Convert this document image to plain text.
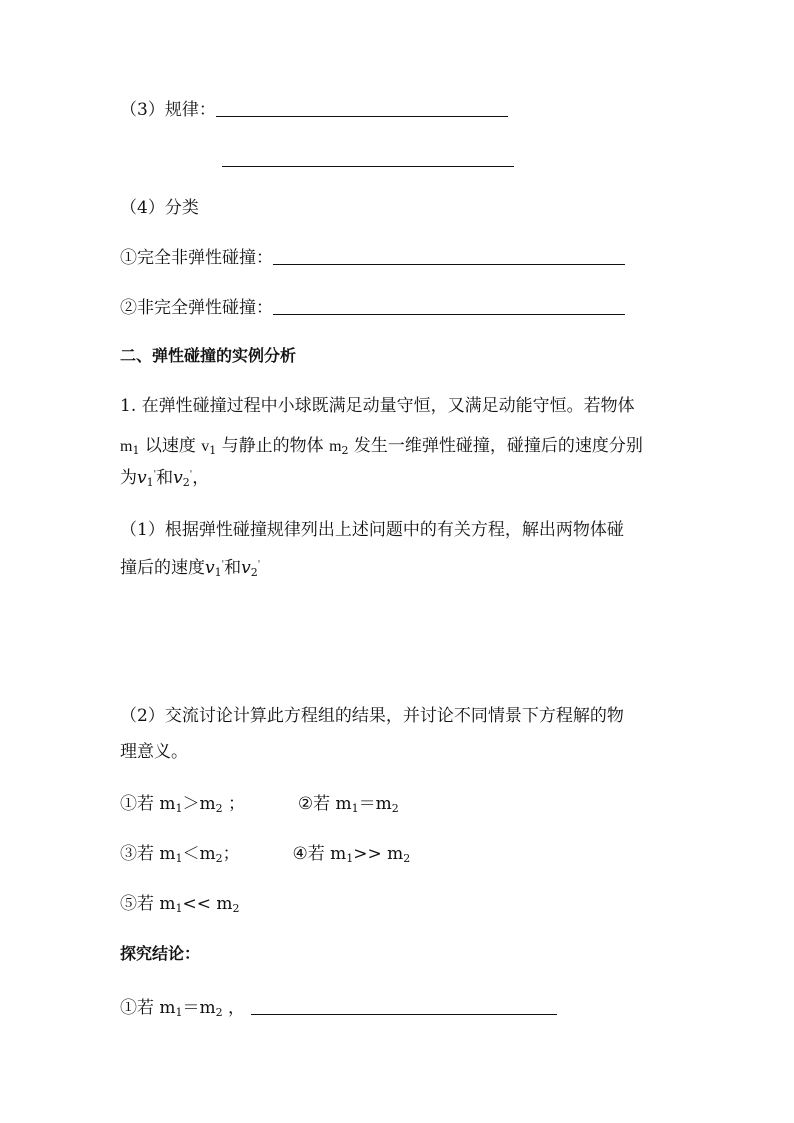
（3）规律：
（4）分类
①完全非弹性碰撞：
②非完全弹性碰撞：
二、弹性碰撞的实例分析
1. 在弹性碰撞过程中小球既满足动量守恒，又满足动能守恒。若物体
$m_1$ 以速度 $v_1$ 与静止的物体 $m_2$ 发生一维弹性碰撞，碰撞后的速度分别
为$v_1'$和$v_2'$，
（1）根据弹性碰撞规律列出上述问题中的有关方程，解出两物体碰
撞后的速度$v_1'$和$v_2'$
（2）交流讨论计算此方程组的结果，并讨论不同情景下方程解的物
理意义。
①若 $m_1>m_2$ ；	②若 $m_1=m_2$
③若 $m_1<m_2$；	④若 $m_1>> m_2$
⑤若 $m_1<< m_2$
探究结论：
①若 $m_1=m_2$ ，
